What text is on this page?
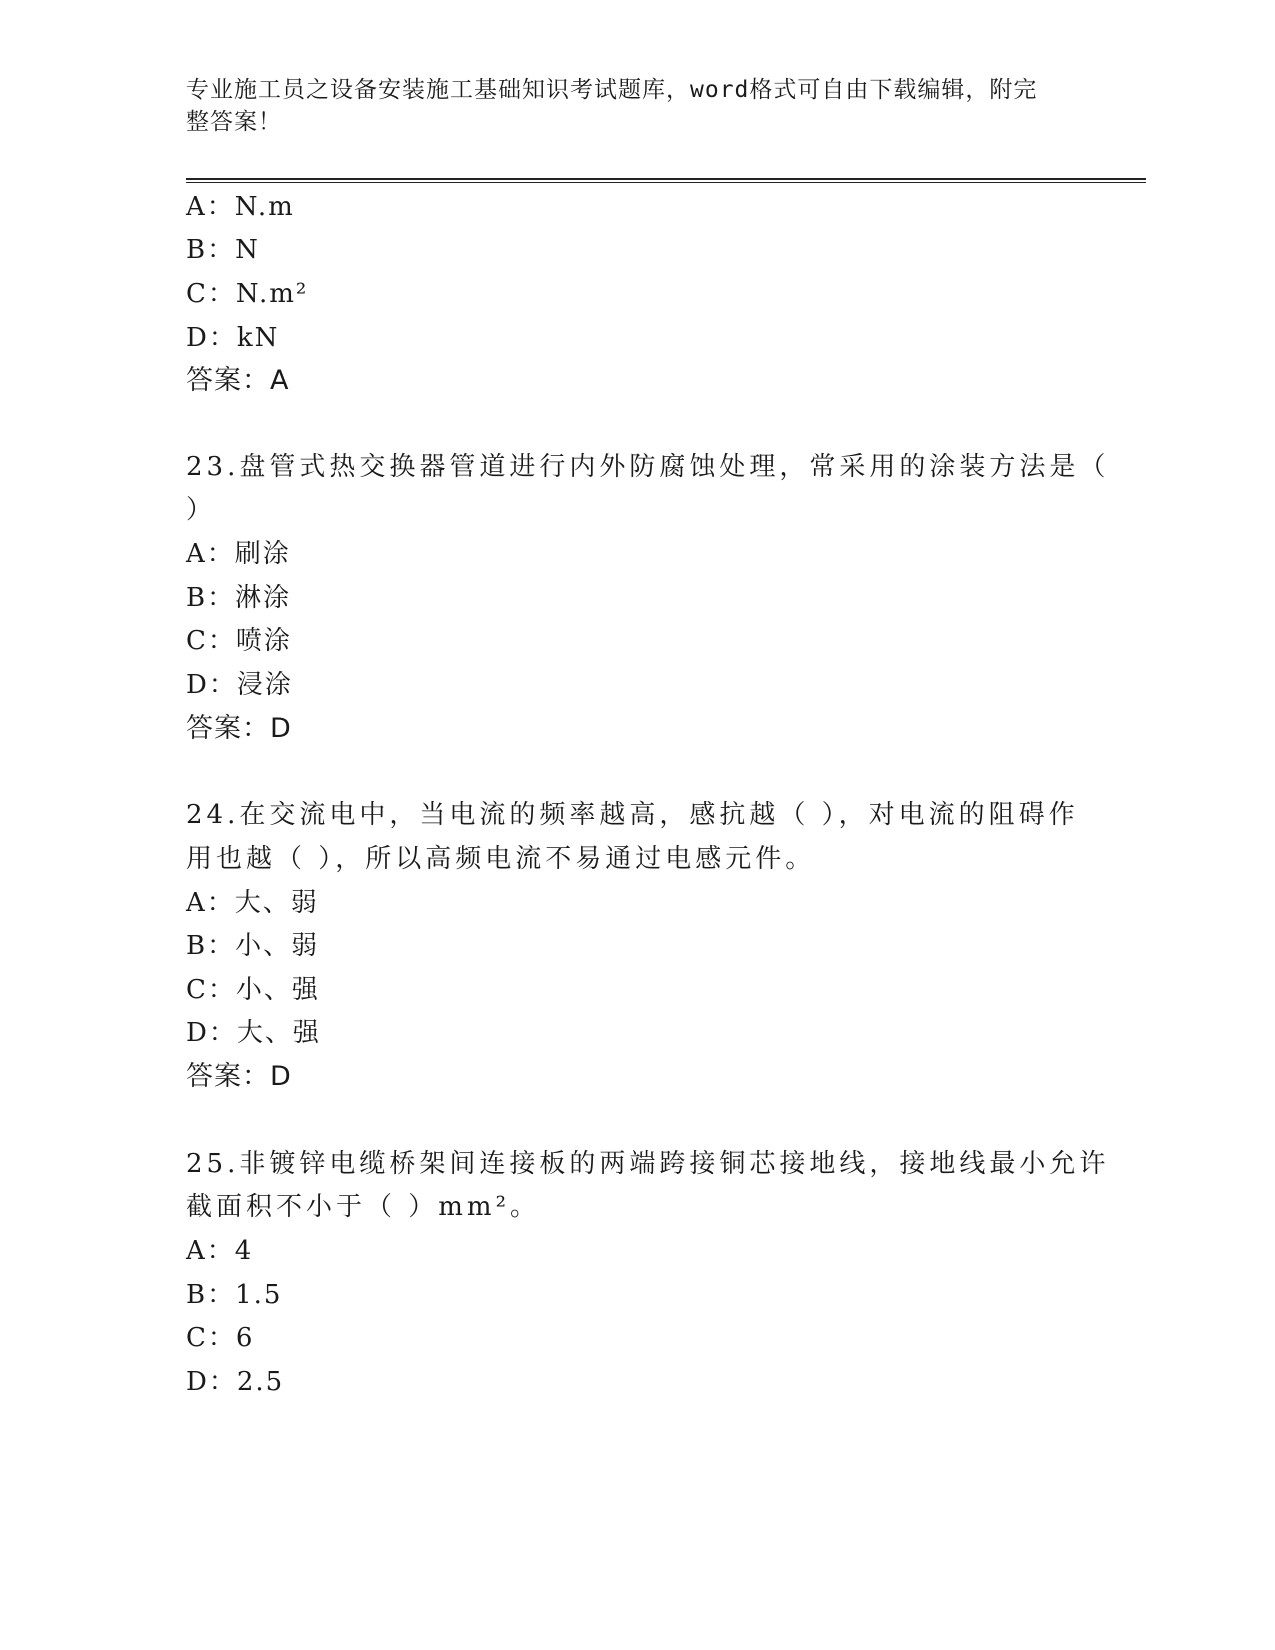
专业施工员之设备安装施工基础知识考试题库，word格式可自由下载编辑，附完
整答案！
A：N.m
B：N
C：N.m²
D：kN
答案：A
23.盘管式热交换器管道进行内外防腐蚀处理，常采用的涂装方法是（
）
A：刷涂
B：淋涂
C：喷涂
D：浸涂
答案：D
24.在交流电中，当电流的频率越高，感抗越（ ），对电流的阻碍作
用也越（ ），所以高频电流不易通过电感元件。
A：大、弱
B：小、弱
C：小、强
D：大、强
答案：D
25.非镀锌电缆桥架间连接板的两端跨接铜芯接地线，接地线最小允许
截面积不小于（ ）mm²。
A：4
B：1.5
C：6
D：2.5
